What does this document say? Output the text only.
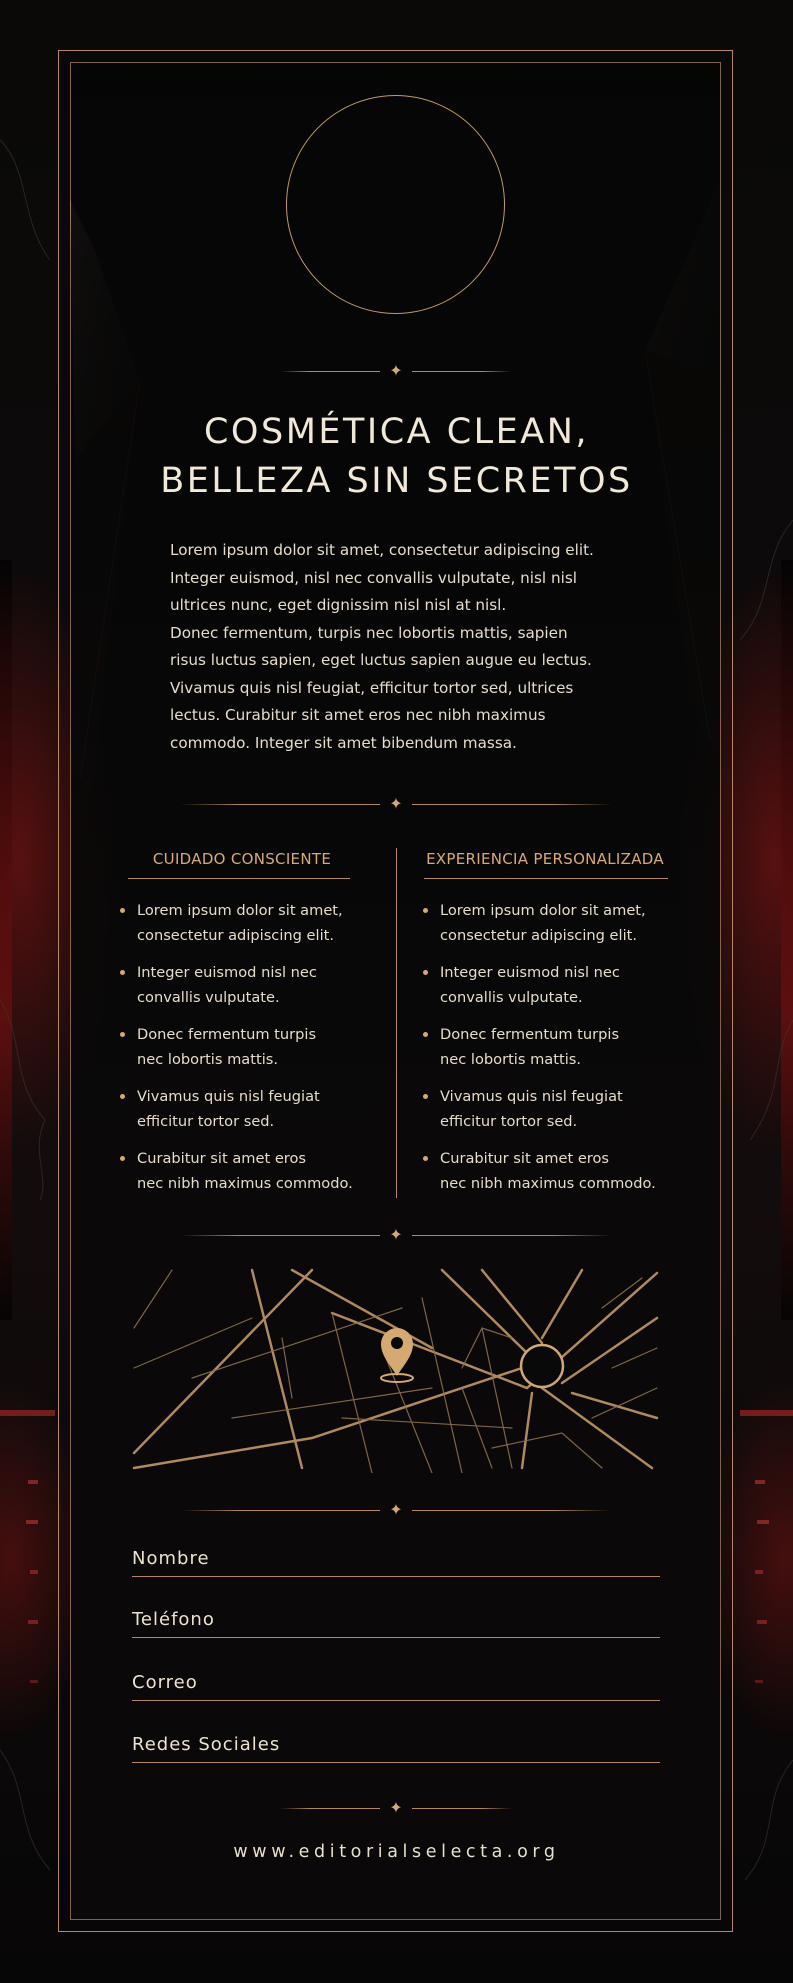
✦
COSMÉTICA CLEAN,
BELLEZA SIN SECRETOS

Lorem ipsum dolor sit amet, consectetur adipiscing elit.
Integer euismod, nisl nec convallis vulputate, nisl nisl
ultrices nunc, eget dignissim nisl nisl at nisl.

Donec fermentum, turpis nec lobortis mattis, sapien
risus luctus sapien, eget luctus sapien augue eu lectus.
Vivamus quis nisl feugiat, efficitur tortor sed, ultrices
lectus. Curabitur sit amet eros nec nibh maximus
commodo. Integer sit amet bibendum massa.

✦
CUIDADO CONSCIENTE	EXPERIENCIA PERSONALIZADA
Lorem ipsum dolor sit amet,
consectetur adipiscing elit.
Integer euismod nisl nec
convallis vulputate.
Donec fermentum turpis
nec lobortis mattis.
Vivamus quis nisl feugiat
efficitur tortor sed.
Curabitur sit amet eros
nec nibh maximus commodo.
Lorem ipsum dolor sit amet,
consectetur adipiscing elit.
Integer euismod nisl nec
convallis vulputate.
Donec fermentum turpis
nec lobortis mattis.
Vivamus quis nisl feugiat
efficitur tortor sed.
Curabitur sit amet eros
nec nibh maximus commodo.
✦
✦
Nombre
Teléfono
Correo
Redes Sociales
✦
www.editorialselecta.org
